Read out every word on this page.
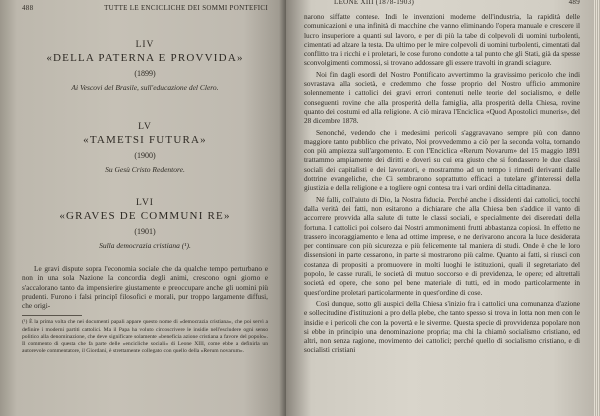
488	TUTTE LE ENCICLICHE DEI SOMMI PONTEFICI
LIV
«DELLA PATERNA E PROVVIDA»
(1899)
Ai Vescovi del Brasile, sull'educazione del Clero.
LV
«TAMETSI FUTURA»
(1900)
Su Gesù Cristo Redentore.
LVI
«GRAVES DE COMMUNI RE»
(1901)
Sulla democrazia cristiana (¹).

Le gravi dispute sopra l'economia sociale che da qualche tempo perturbano e non in una sola Nazione la concordia degli animi, crescono ogni giorno e s'accalorano tanto da impensierire giustamente e preoccupare anche gli uomini più prudenti. Furono i falsi principî filosofici e morali, pur troppo largamente diffusi, che origi-

(¹) È la prima volta che nei documenti papali appare questo nome di «democrazia cristiana», che poi servì a definire i moderni partiti cattolici. Ma il Papa ha voluto circoscrivere le insidie nell'escludere ogni senso politico alla denominazione, che deve significare solamente «beneficia azione cristiana a favore del popolo». Il commento di questa che fa parte delle «encicliche sociali» di Leone XIII, come ebbe a definirla un autorevole commentatore, il Giordani, è strettamente collegato con quello della «Rerum novarum».
LEONE XIII (1878-1903)	489

narono siffatte contese. Indi le invenzioni moderne dell'industria, la rapidità delle comunicazioni e una infinità di macchine che vanno eliminando l'opera manuale e crescere il lucro insuperiore a quanti sul lavoro, e per di più la tabe di colpevoli di uomini turbolenti, cimentati ad alzare la testa. Da ultimo per le mire colpevoli di uomini turbolenti, cimentati dal conflitto tra i ricchi e i proletari, le cose furono condotte a tal punto che gli Stati, già da spesse sconvolgimenti commossi, si trovano addossare gli essere travolti in grandi sciagure.

Noi fin dagli esordi del Nostro Pontificato avvertimmo la gravissimo pericolo che indi sovrastava alla società, e credemmo che fosse proprio del Nostro ufficio ammonire solennemente i cattolici dei gravi errori contenuti nelle teorie del socialismo, e delle conseguenti rovine che alla prosperità della famiglia, alla prosperità della Chiesa, rovine quanto dei costumi ed alla religione. A ciò mirava l'Enciclica «Quod Apostolici muneris», del 28 dicembre 1878.

Senonché, vedendo che i medesimi pericoli s'aggravavano sempre più con danno maggiore tanto pubblico che privato, Noi provvedemmo a ciò per la seconda volta, tornando con più ampiezza sull'argomento. E con l'Enciclica «Rerum Novarum» del 15 maggio 1891 trattammo ampiamente dei diritti e doveri su cui era giusto che si fondassero le due classi sociali dei capitalisti e dei lavoratori, e mostrammo ad un tempo i rimedi derivanti dalle dottrine evangeliche, che Ci sembrarono soprattutto efficaci a tutelare gl'interessi della giustizia e della religione e a togliere ogni contesa tra i vari ordini della cittadinanza.

Né falli, coll'aiuto di Dio, la Nostra fiducia. Perché anche i dissidenti dai cattolici, tocchi dalla verità dei fatti, non esitarono a dichiarare che alla Chiesa ben s'addice il vanto di accorrere provvida alla salute di tutte le classi sociali, e specialmente dei diseredati della fortuna. I cattolici poi colsero dai Nostri ammonimenti frutti abbastanza copiosi. In effetto ne trassero incoraggiamento e lena ad ottime imprese, e ne derivarono ancora la luce desiderata per continuare con più sicurezza e più felicemente tal maniera di studi. Onde è che le loro dissensioni in parte cessarono, in parte si mostrarono più calme. Quanto ai fatti, si riusci con costanza di propositi a promuovere in molti luoghi le istituzioni, quali il segretariato del popolo, le casse rurali, le società di mutuo soccorso e di previdenza, le opere; ed altrettali società ed opere, che sono pel bene materiale di tutti, ed in modo particolarmente in quest'ordine proletari particolarmente in quest'ordine di cose.

Così dunque, sotto gli auspici della Chiesa s'inizio fra i cattolici una comunanza d'azione e sollecitudine d'istituzioni a pro della plebe, che tanto spesso si trova in lotta non men con le insidie e i pericoli che con la povertà e le siverme. Questa specie di provvidenza popolare non si ebbe in principio una denominazione propria; ma chi la chiamò socialismo cristiano, ed altri, non senza ragione, movimento dei cattolici; perché quello di socialismo cristiano, e di socialisti cristiani
